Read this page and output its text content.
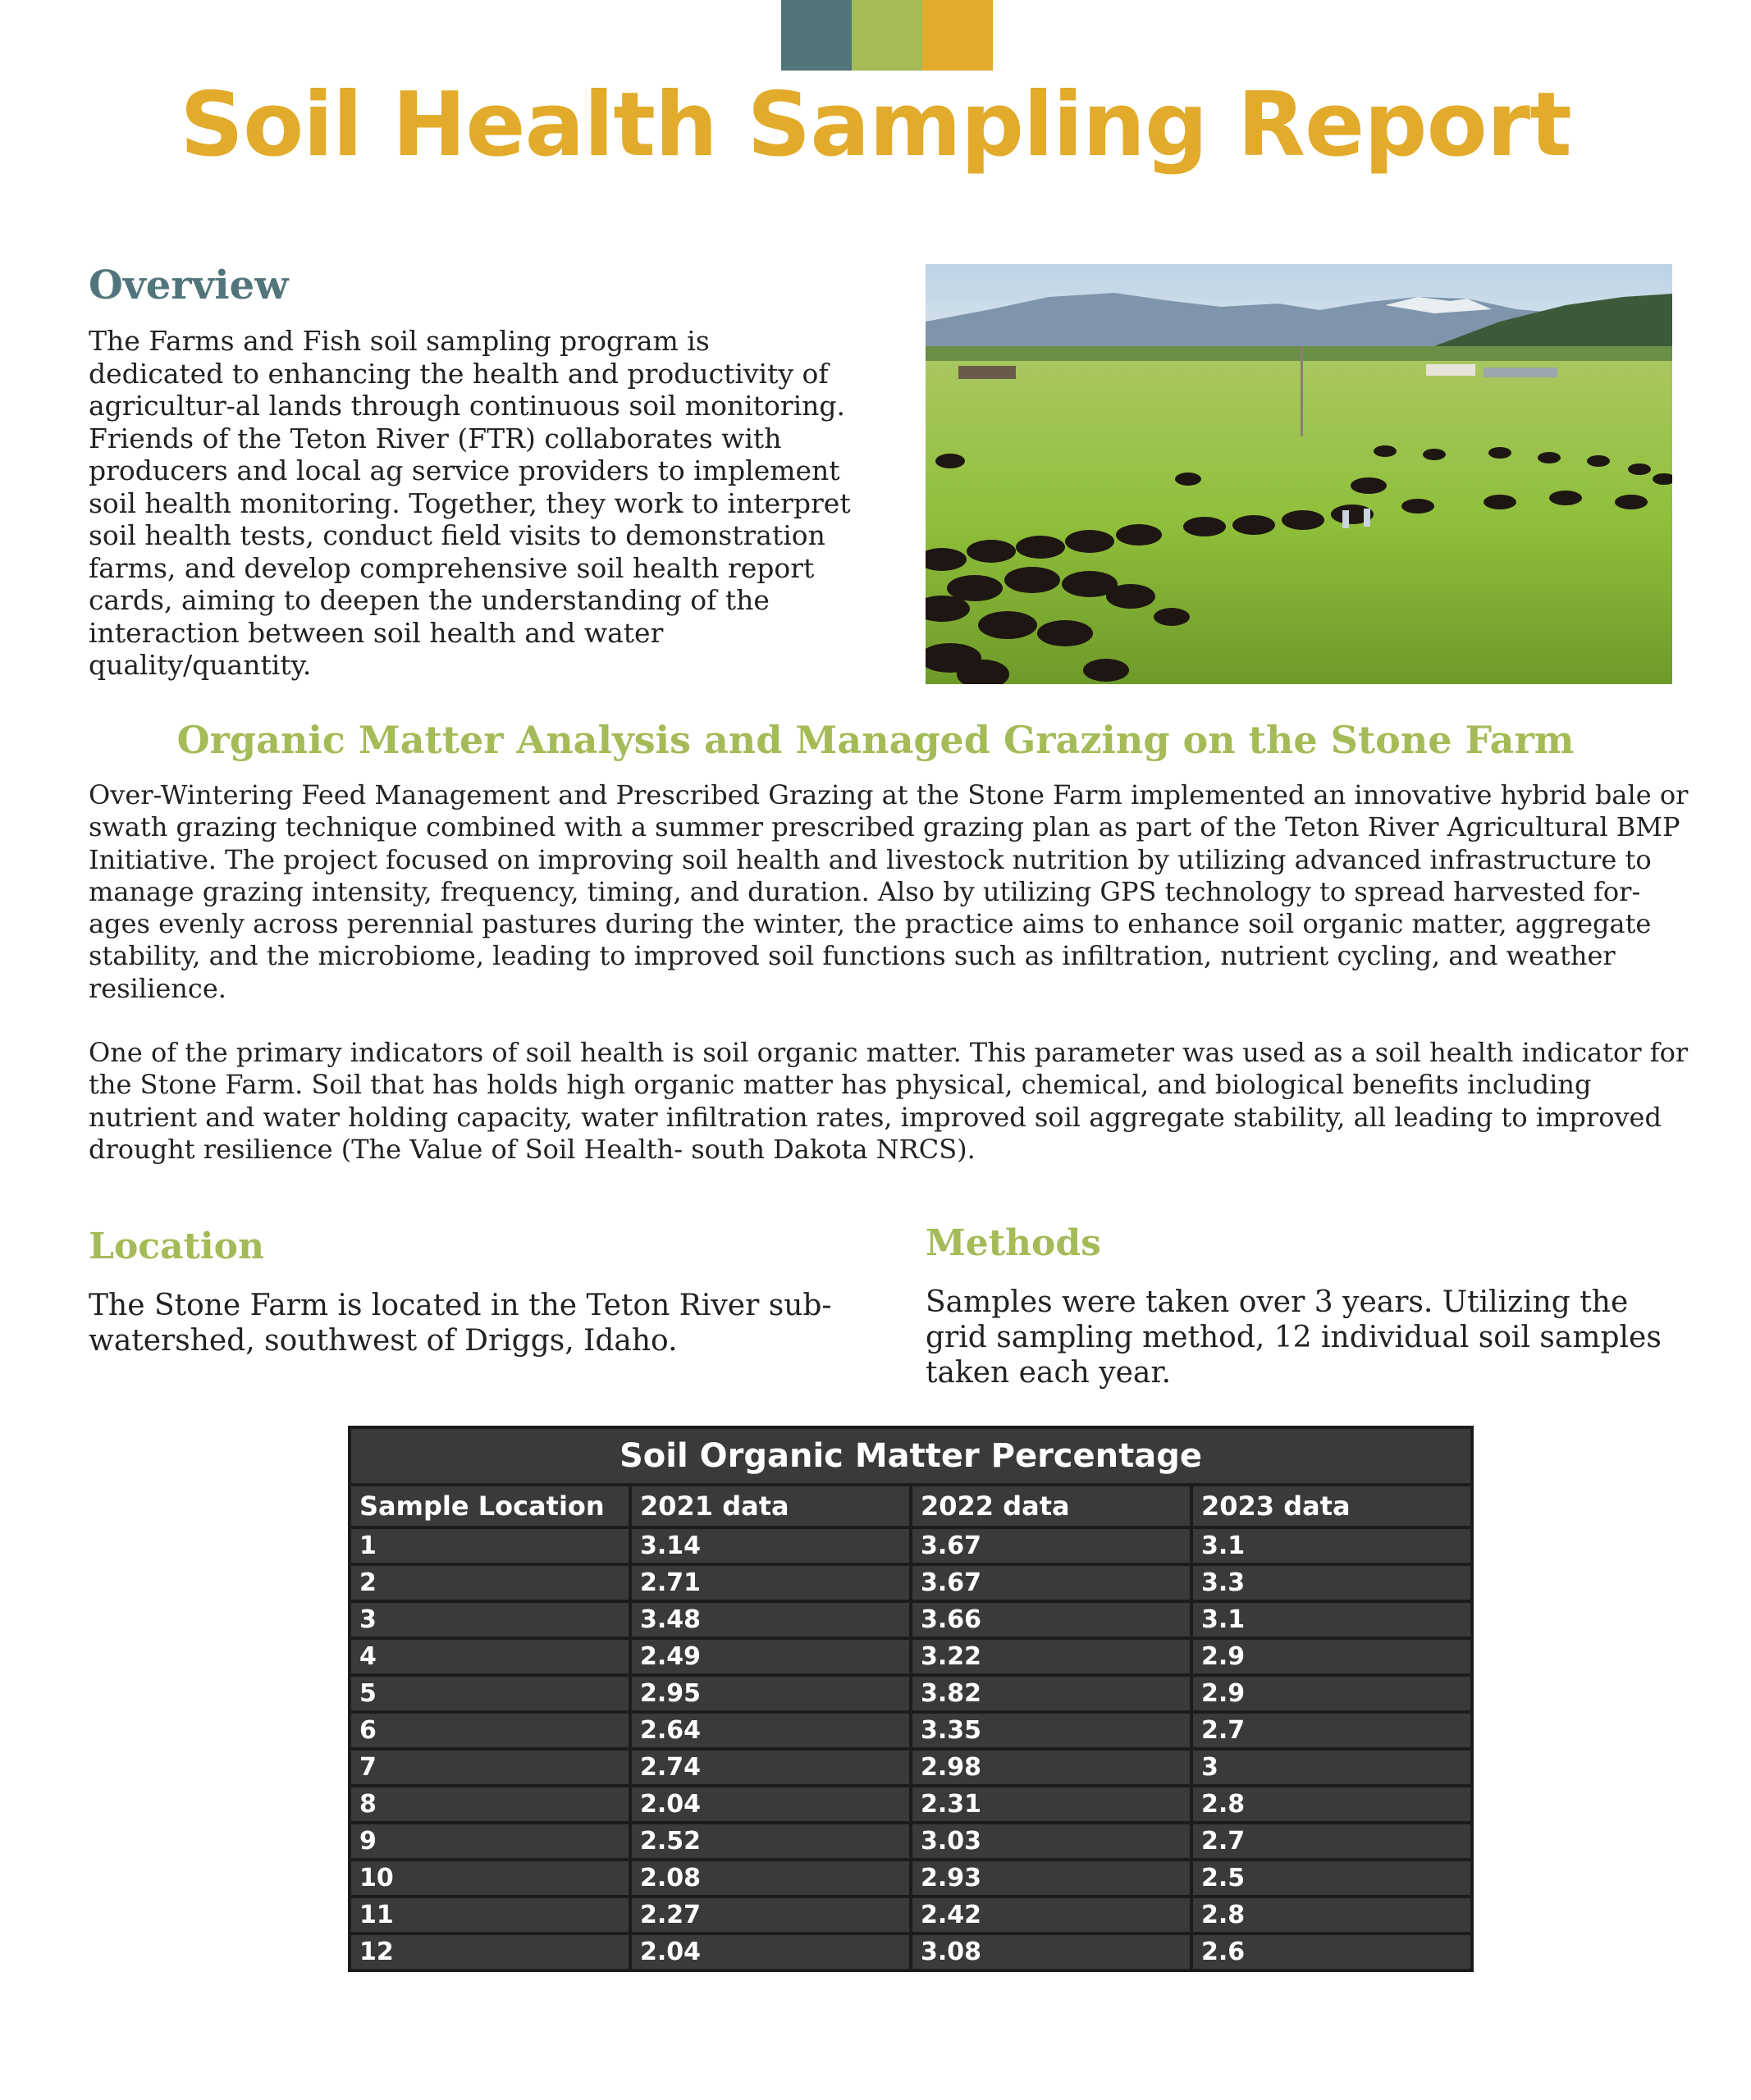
Soil Health Sampling Report
Overview

The Farms and Fish soil sampling program is dedicated to enhancing the health and productivity of agricultur-al lands through continuous soil monitoring. Friends of the Teton River (FTR) collaborates with producers and local ag service providers to implement soil health monitoring. Together, they work to interpret soil health tests, conduct field visits to demonstration farms, and develop comprehensive soil health report cards, aiming to deepen the understanding of the interaction between soil health and water quality/quantity.

Organic Matter Analysis and Managed Grazing on the Stone Farm

Over-Wintering Feed Management and Prescribed Grazing at the Stone Farm implemented an innovative hybrid bale or swath grazing technique combined with a summer prescribed grazing plan as part of the Teton River Agricultural BMP Initiative. The project focused on improving soil health and livestock nutrition by utilizing advanced infrastructure to manage grazing intensity, frequency, timing, and duration. Also by utilizing GPS technology to spread harvested for-ages evenly across perennial pastures during the winter, the practice aims to enhance soil organic matter, aggregate stability, and the microbiome, leading to improved soil functions such as infiltration, nutrient cycling, and weather resilience.

One of the primary indicators of soil health is soil organic matter. This parameter was used as a soil health indicator for the Stone Farm. Soil that has holds high organic matter has physical, chemical, and biological benefits including nutrient and water holding capacity, water infiltration rates, improved soil aggregate stability, all leading to improved drought resilience (The Value of Soil Health- south Dakota NRCS).

Location

The Stone Farm is located in the Teton River sub-watershed, southwest of Driggs, Idaho.

Methods

Samples were taken over 3 years. Utilizing the grid sampling method, 12 individual soil samples taken each year.

Soil Organic Matter Percentage
Sample Location	2021 data	2022 data	2023 data
1	3.14	3.67	3.1
2	2.71	3.67	3.3
3	3.48	3.66	3.1
4	2.49	3.22	2.9
5	2.95	3.82	2.9
6	2.64	3.35	2.7
7	2.74	2.98	3
8	2.04	2.31	2.8
9	2.52	3.03	2.7
10	2.08	2.93	2.5
11	2.27	2.42	2.8
12	2.04	3.08	2.6
